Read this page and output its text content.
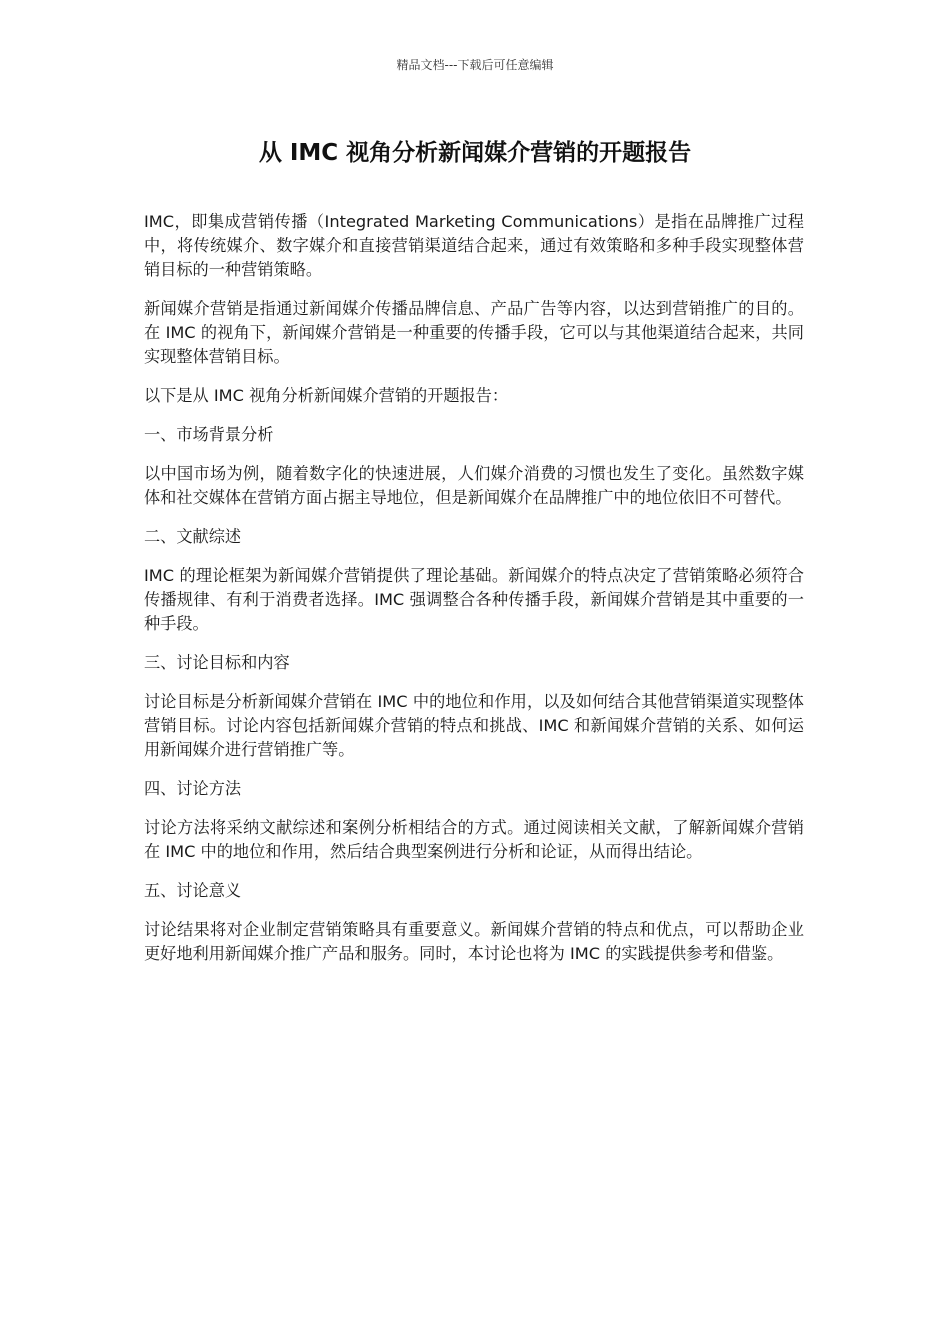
精品文档---下载后可任意编辑
从 IMC 视角分析新闻媒介营销的开题报告

IMC，即集成营销传播（Integrated Marketing Communications）是指在品牌推广过程中，将传统媒介、数字媒介和直接营销渠道结合起来，通过有效策略和多种手段实现整体营销目标的一种营销策略。

新闻媒介营销是指通过新闻媒介传播品牌信息、产品广告等内容，以达到营销推广的目的。在 IMC 的视角下，新闻媒介营销是一种重要的传播手段，它可以与其他渠道结合起来，共同实现整体营销目标。

以下是从 IMC 视角分析新闻媒介营销的开题报告：

一、市场背景分析

以中国市场为例，随着数字化的快速进展，人们媒介消费的习惯也发生了变化。虽然数字媒体和社交媒体在营销方面占据主导地位，但是新闻媒介在品牌推广中的地位依旧不可替代。

二、文献综述

IMC 的理论框架为新闻媒介营销提供了理论基础。新闻媒介的特点决定了营销策略必须符合传播规律、有利于消费者选择。IMC 强调整合各种传播手段，新闻媒介营销是其中重要的一种手段。

三、讨论目标和内容

讨论目标是分析新闻媒介营销在 IMC 中的地位和作用，以及如何结合其他营销渠道实现整体营销目标。讨论内容包括新闻媒介营销的特点和挑战、IMC 和新闻媒介营销的关系、如何运用新闻媒介进行营销推广等。

四、讨论方法

讨论方法将采纳文献综述和案例分析相结合的方式。通过阅读相关文献，了解新闻媒介营销在 IMC 中的地位和作用，然后结合典型案例进行分析和论证，从而得出结论。

五、讨论意义

讨论结果将对企业制定营销策略具有重要意义。新闻媒介营销的特点和优点，可以帮助企业更好地利用新闻媒介推广产品和服务。同时，本讨论也将为 IMC 的实践提供参考和借鉴。
